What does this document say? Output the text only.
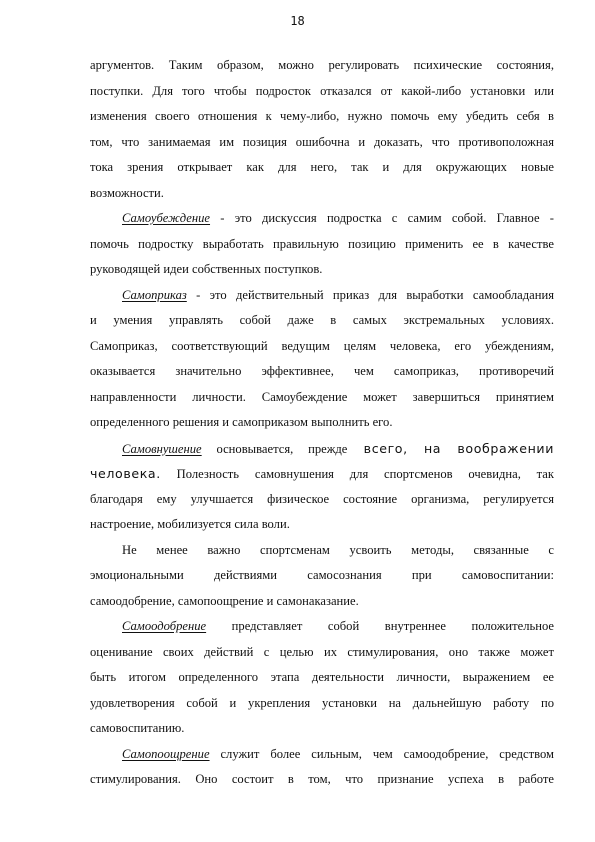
18
аргументов. Таким образом, можно регулировать психические состояния,
поступки. Для того чтобы подросток отказался от какой-либо установки или
изменения своего отношения к чему-либо, нужно помочь ему убедить себя в
том, что занимаемая им позиция ошибочна и доказать, что противоположная
тока зрения открывает как для него, так и для окружающих новые
возможности.
Самоубеждение - это дискуссия подростка с самим собой. Главное -
помочь подростку выработать правильную позицию применить ее в качестве
руководящей идеи собственных поступков.
Самоприказ - это действительный приказ для выработки самообладания
и умения управлять собой даже в самых экстремальных условиях.
Самоприказ, соответствующий ведущим целям человека, его убеждениям,
оказывается значительно эффективнее, чем самоприказ, противоречий
направленности личности. Самоубеждение может завершиться принятием
определенного решения и самоприказом выполнить его.
Самовнушение основывается, прежде всего, на воображении
человека. Полезность самовнушения для спортсменов очевидна, так
благодаря ему улучшается физическое состояние организма, регулируется
настроение, мобилизуется сила воли.
Не менее важно спортсменам усвоить методы, связанные с
эмоциональными действиями самосознания при самовоспитании:
самоодобрение, самопоощрение и самонаказание.
Самоодобрение представляет собой внутреннее положительное
оценивание своих действий с целью их стимулирования, оно также может
быть итогом определенного этапа деятельности личности, выражением ее
удовлетворения собой и укрепления установки на дальнейшую работу по
самовоспитанию.
Самопоощрение служит более сильным, чем самоодобрение, средством
стимулирования. Оно состоит в том, что признание успеха в работе
